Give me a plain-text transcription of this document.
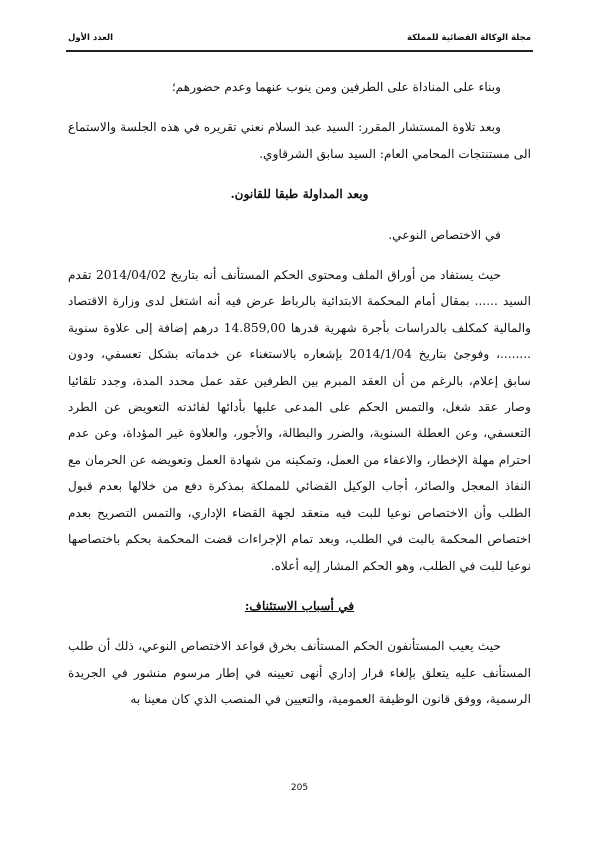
مجلة الوكالة القضائية للمملكة
العدد الأول

وبناء على المناداة على الطرفين ومن ينوب عنهما وعدم حضورهم؛

وبعد تلاوة المستشار المقرر: السيد عبد السلام نعني تقريره في هذه الجلسة والاستماع الى مستنتجات المحامي العام: السيد سابق الشرقاوي.

وبعد المداولة طبقا للقانون.

في الاختصاص النوعي.

حيث يستفاد من أوراق الملف ومحتوى الحكم المستأنف أنه بتاريخ 2014/04/02 تقدم السيد ...... بمقال أمام المحكمة الابتدائية بالرباط عرض فيه أنه اشتغل لدى وزارة الاقتصاد والمالية كمكلف بالدراسات بأجرة شهرية قدرها 14.859,00 درهم إضافة إلى علاوة سنوية ........، وفوجئ بتاريخ 2014/1/04 بإشعاره بالاستغناء عن خدماته بشكل تعسفي، ودون سابق إعلام، بالرغم من أن العقد المبرم بين الطرفين عقد عمل محدد المدة، وجدد تلقائيا وصار عقد شغل، والتمس الحكم على المدعى عليها بأدائها لفائدته التعويض عن الطرد التعسفي، وعن العطلة السنوية، والضرر والبطالة، والأجور، والعلاوة غير المؤداة، وعن عدم احترام مهلة الإخطار، والاعفاء من العمل، وتمكينه من شهادة العمل وتعويضه عن الحرمان مع النفاذ المعجل والصائر، أجاب الوكيل القضائي للمملكة بمذكرة دفع من خلالها بعدم قبول الطلب وأن الاختصاص نوعيا للبت فيه منعقد لجهة القضاء الإداري، والتمس التصريح بعدم اختصاص المحكمة بالبت في الطلب، وبعد تمام الإجراءات قضت المحكمة بحكم باختصاصها نوعيا للبت في الطلب، وهو الحكم المشار إليه أعلاه.

في أسباب الاستئناف:

حيث يعيب المستأنفون الحكم المستأنف بخرق قواعد الاختصاص النوعي، ذلك أن طلب المستأنف عليه يتعلق بإلغاء قرار إداري أنهى تعيينه في إطار مرسوم منشور في الجريدة الرسمية، ووفق قانون الوظيفة العمومية، والتعيين في المنصب الذي كان معينا به

205
